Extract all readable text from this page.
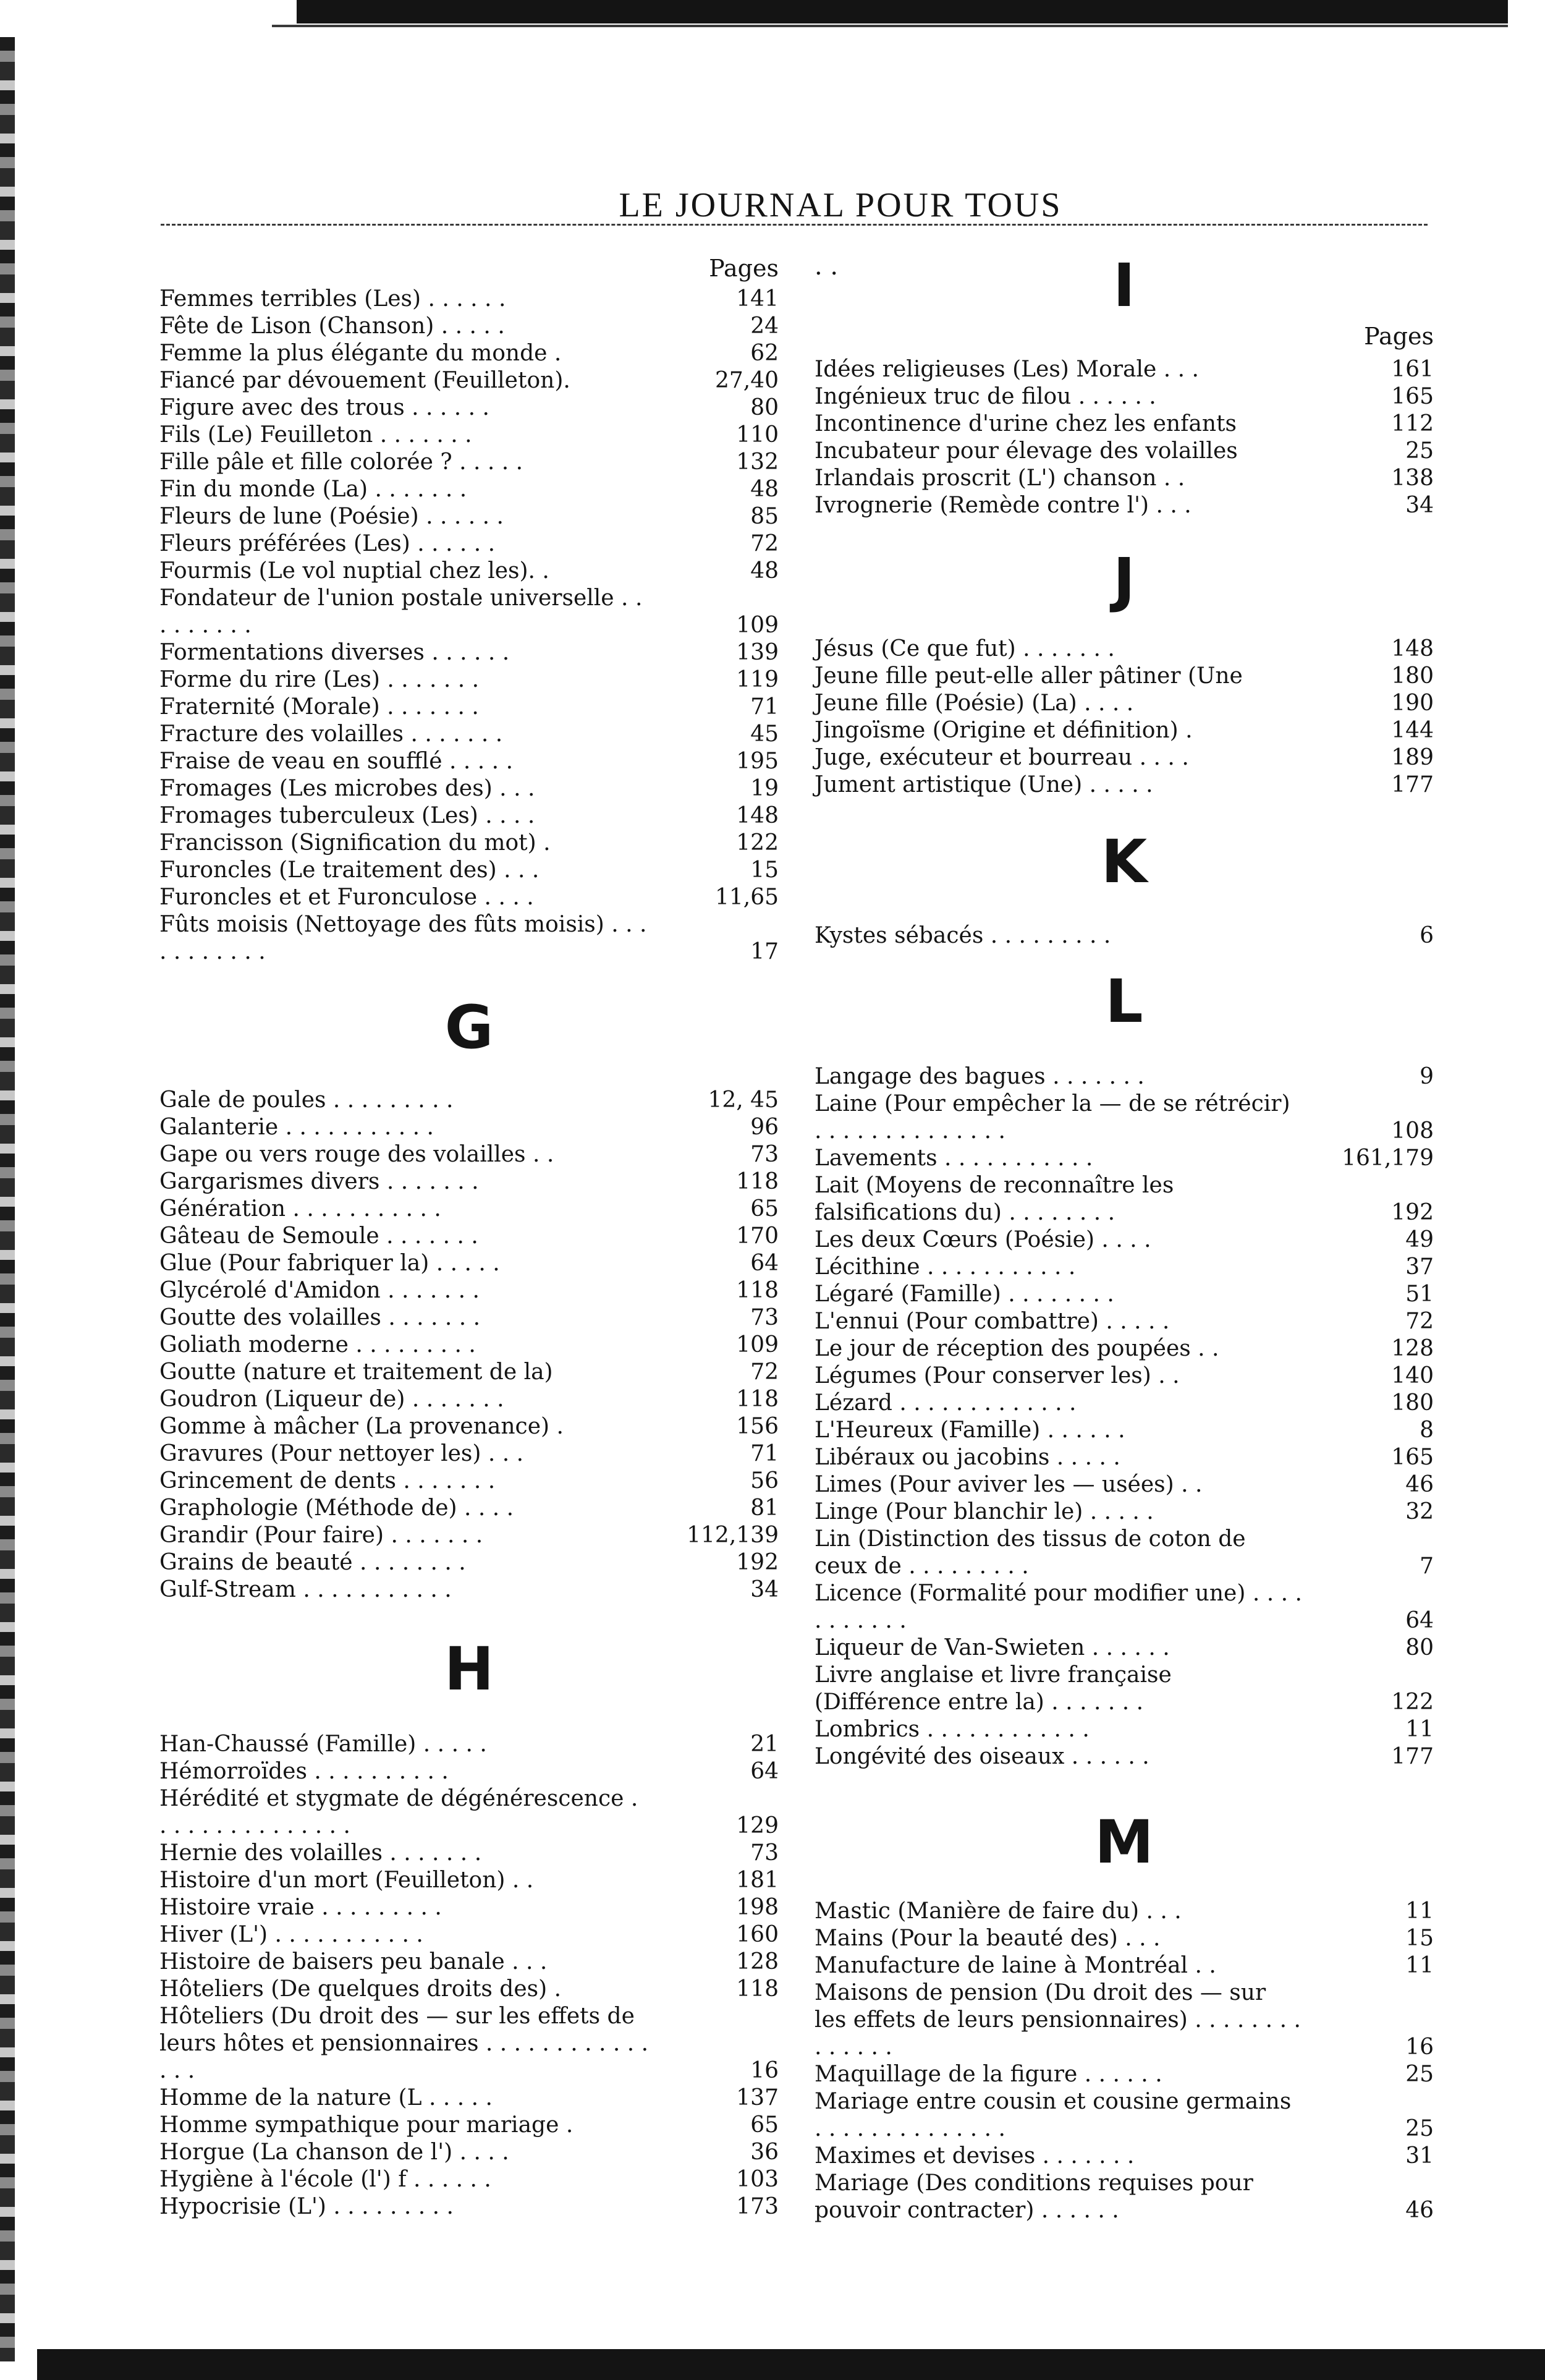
LE JOURNAL POUR TOUS
Pages
G
H
Femmes terribles (Les) . . . . . .	141
Fête de Lison (Chanson) . . . . .	24
Femme la plus élégante du monde .	62
Fiancé par dévouement (Feuilleton).	27,40
Figure avec des trous . . . . . .	80
Fils (Le) Feuilleton . . . . . . .	110
Fille pâle et fille colorée ? . . . . .	132
Fin du monde (La) . . . . . . .	48
Fleurs de lune (Poésie) . . . . . .	85
Fleurs préférées (Les) . . . . . .	72
Fourmis (Le vol nuptial chez les). .	48
Fondateur de l'union postale universelle . . . . . . . . .	109
Formentations diverses . . . . . .	139
Forme du rire (Les) . . . . . . .	119
Fraternité (Morale) . . . . . . .	71
Fracture des volailles . . . . . . .	45
Fraise de veau en soufflé . . . . .	195
Fromages (Les microbes des) . . .	19
Fromages tuberculeux (Les) . . . .	148
Francisson (Signification du mot) .	122
Furoncles (Le traitement des) . . .	15
Furoncles et et Furonculose . . . .	11,65
Fûts moisis (Nettoyage des fûts moisis) . . . . . . . . . . .	17
Gale de poules . . . . . . . . .	12, 45
Galanterie . . . . . . . . . . .	96
Gape ou vers rouge des volailles . .	73
Gargarismes divers . . . . . . .	118
Génération . . . . . . . . . . .	65
Gâteau de Semoule . . . . . . .	170
Glue (Pour fabriquer la) . . . . .	64
Glycérolé d'Amidon . . . . . . .	118
Goutte des volailles . . . . . . .	73
Goliath moderne . . . . . . . . .	109
Goutte (nature et traitement de la)	72
Goudron (Liqueur de) . . . . . . .	118
Gomme à mâcher (La provenance) .	156
Gravures (Pour nettoyer les) . . .	71
Grincement de dents . . . . . . .	56
Graphologie (Méthode de) . . . .	81
Grandir (Pour faire) . . . . . . .	112,139
Grains de beauté . . . . . . . .	192
Gulf-Stream . . . . . . . . . . .	34
Han-Chaussé (Famille) . . . . .	21
Hémorroïdes . . . . . . . . . .	64
Hérédité et stygmate de dégénérescence . . . . . . . . . . . . . . .	129
Hernie des volailles . . . . . . .	73
Histoire d'un mort (Feuilleton) . .	181
Histoire vraie . . . . . . . . .	198
Hiver (L') . . . . . . . . . . .	160
Histoire de baisers peu banale . . .	128
Hôteliers (De quelques droits des) .	118
Hôteliers (Du droit des — sur les effets de leurs hôtes et pensionnaires . . . . . . . . . . . . . . .	16
Homme de la nature (L . . . . .	137
Homme sympathique pour mariage .	65
Horgue (La chanson de l') . . . .	36
Hygiène à l'école (l') f . . . . . .	103
Hypocrisie (L') . . . . . . . . .	173
· ·	I
Pages
J
K
L
M
Idées religieuses (Les) Morale . . .	161
Ingénieux truc de filou . . . . . .	165
Incontinence d'urine chez les enfants	112
Incubateur pour élevage des volailles	25
Irlandais proscrit (L') chanson . .	138
Ivrognerie (Remède contre l') . . .	34
Jésus (Ce que fut) . . . . . . .	148
Jeune fille peut-elle aller pâtiner (Une	180
Jeune fille (Poésie) (La) . . . .	190
Jingoïsme (Origine et définition) .	144
Juge, exécuteur et bourreau . . . .	189
Jument artistique (Une) . . . . .	177
Kystes sébacés . . . . . . . . .	6
Langage des bagues . . . . . . .	9
Laine (Pour empêcher la — de se rétrécir) . . . . . . . . . . . . . .	108
Lavements . . . . . . . . . . .	161,179
Lait (Moyens de reconnaître les falsifications du) . . . . . . . .	192
Les deux Cœurs (Poésie) . . . .	49
Lécithine . . . . . . . . . . .	37
Légaré (Famille) . . . . . . . .	51
L'ennui (Pour combattre) . . . . .	72
Le jour de réception des poupées . .	128
Légumes (Pour conserver les) . .	140
Lézard . . . . . . . . . . . . .	180
L'Heureux (Famille) . . . . . .	8
Libéraux ou jacobins . . . . .	165
Limes (Pour aviver les — usées) . .	46
Linge (Pour blanchir le) . . . . .	32
Lin (Distinction des tissus de coton de ceux de . . . . . . . . .	7
Licence (Formalité pour modifier une) . . . . . . . . . . .	64
Liqueur de Van-Swieten . . . . . .	80
Livre anglaise et livre française (Différence entre la) . . . . . . .	122
Lombrics . . . . . . . . . . . .	11
Longévité des oiseaux . . . . . .	177
Mastic (Manière de faire du) . . .	11
Mains (Pour la beauté des) . . .	15
Manufacture de laine à Montréal . .	11
Maisons de pension (Du droit des — sur les effets de leurs pensionnaires) . . . . . . . . . . . . . .	16
Maquillage de la figure . . . . . .	25
Mariage entre cousin et cousine germains . . . . . . . . . . . . . .	25
Maximes et devises . . . . . . .	31
Mariage (Des conditions requises pour pouvoir contracter) . . . . . .	46
